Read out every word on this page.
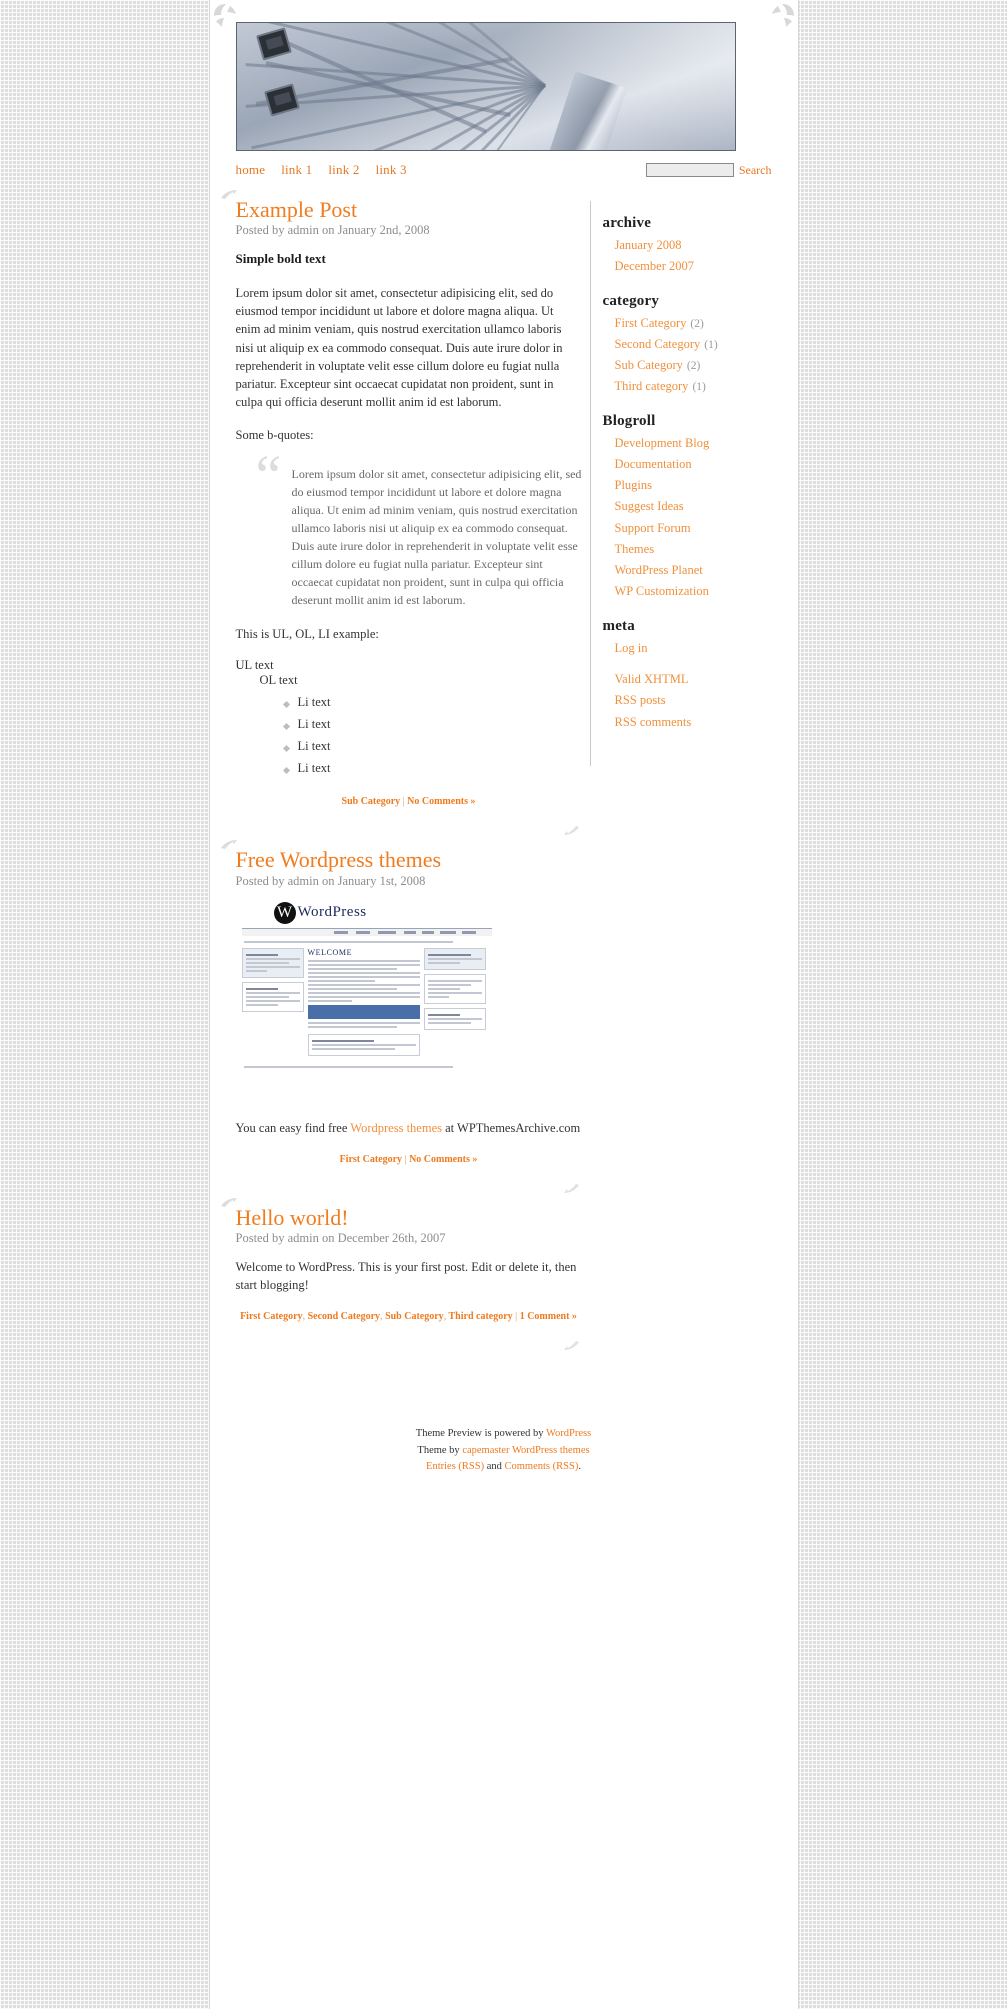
home link 1 link 2 link 3	Search
Example Post
Posted by admin on January 2nd, 2008

Simple bold text

Lorem ipsum dolor sit amet, consectetur adipisicing elit, sed do eiusmod tempor incididunt ut labore et dolore magna aliqua. Ut enim ad minim veniam, quis nostrud exercitation ullamco laboris nisi ut aliquip ex ea commodo consequat. Duis aute irure dolor in reprehenderit in voluptate velit esse cillum dolore eu fugiat nulla pariatur. Excepteur sint occaecat cupidatat non proident, sunt in culpa qui officia deserunt mollit anim id est laborum.

Some b-quotes:

“ Lorem ipsum dolor sit amet, consectetur adipisicing elit, sed do eiusmod tempor incididunt ut labore et dolore magna aliqua. Ut enim ad minim veniam, quis nostrud exercitation ullamco laboris nisi ut aliquip ex ea commodo consequat. Duis aute irure dolor in reprehenderit in voluptate velit esse cillum dolore eu fugiat nulla pariatur. Excepteur sint occaecat cupidatat non proident, sunt in culpa qui officia deserunt mollit anim id est laborum.

This is UL, OL, LI example:

UL text
OL text
Li text
Li text
Li text
Li text
Sub Category | No Comments »
Free Wordpress themes
Posted by admin on January 1st, 2008
W WordPress
WELCOME

You can easy find free Wordpress themes at WPThemesArchive.com

First Category | No Comments »
Hello world!
Posted by admin on December 26th, 2007

Welcome to WordPress. This is your first post. Edit or delete it, then start blogging!

First Category, Second Category, Sub Category, Third category | 1 Comment »
archive
January 2008
December 2007
category
First Category (2)
Second Category (1)
Sub Category (2)
Third category (1)
Blogroll
Development Blog
Documentation
Plugins
Suggest Ideas
Support Forum
Themes
WordPress Planet
WP Customization
meta
Log in
Valid XHTML
RSS posts
RSS comments
Theme Preview is powered by WordPress
Theme by capemaster WordPress themes
Entries (RSS) and Comments (RSS).
